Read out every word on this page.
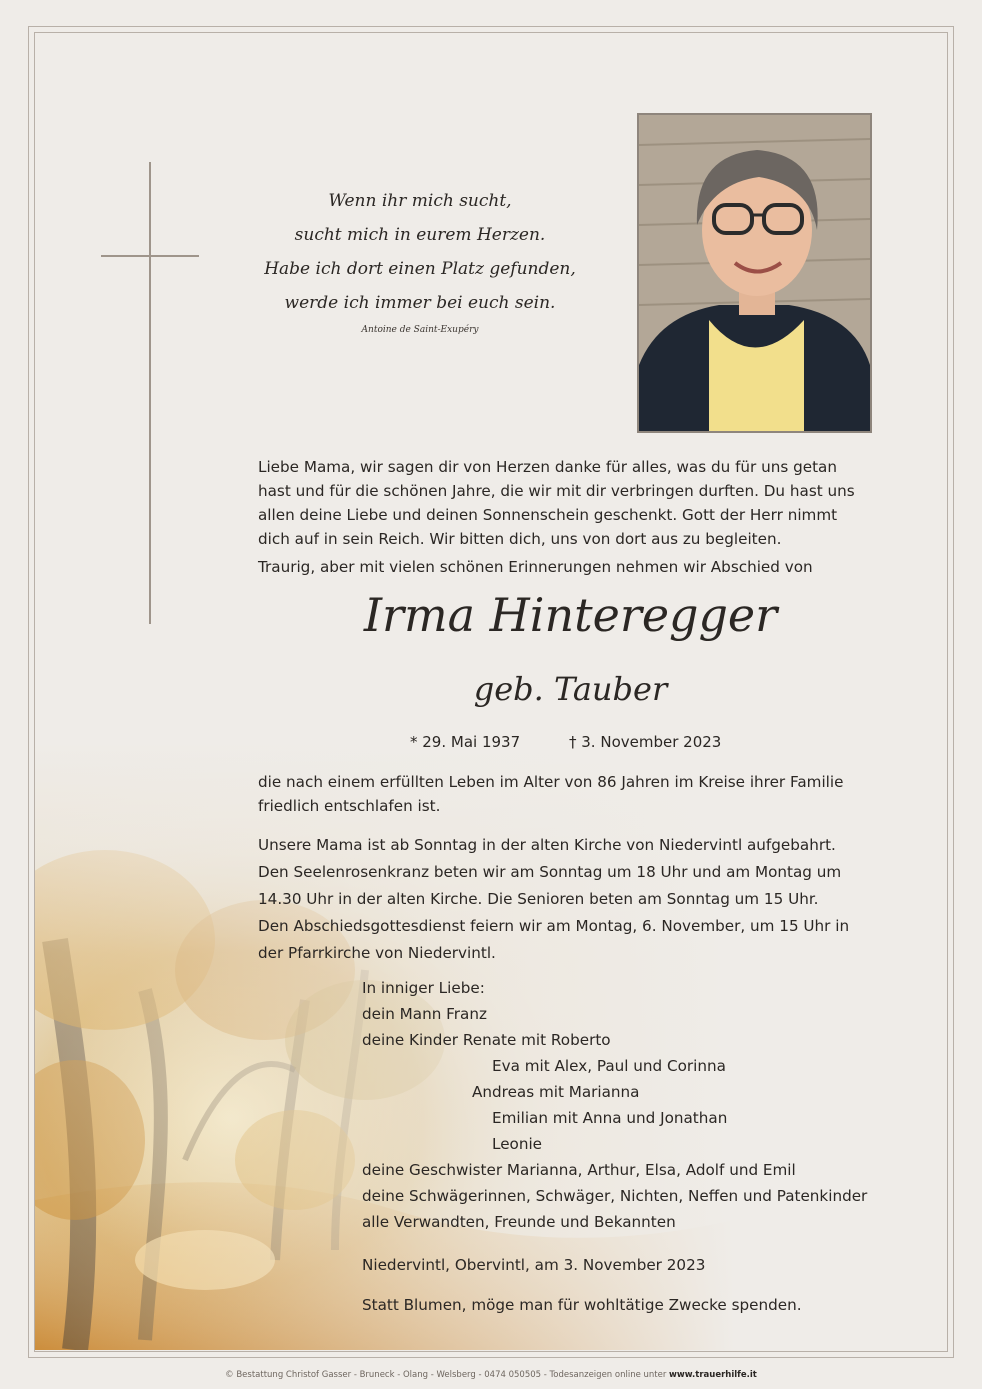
Wenn ihr mich sucht,
sucht mich in eurem Herzen.
Habe ich dort einen Platz gefunden,
werde ich immer bei euch sein.
Antoine de Saint-Exupéry

Liebe Mama, wir sagen dir von Herzen danke für alles, was du für uns getan

hast und für die schönen Jahre, die wir mit dir verbringen durften. Du hast uns

allen deine Liebe und deinen Sonnenschein geschenkt. Gott der Herr nimmt

dich auf in sein Reich. Wir bitten dich, uns von dort aus zu begleiten.

Traurig, aber mit vielen schönen Erinnerungen nehmen wir Abschied von
Irma Hinteregger
geb. Tauber
* 29. Mai 1937	† 3. November 2023

die nach einem erfüllten Leben im Alter von 86 Jahren im Kreise ihrer Familie

friedlich entschlafen ist.

Unsere Mama ist ab Sonntag in der alten Kirche von Niedervintl aufgebahrt.

Den Seelenrosenkranz beten wir am Sonntag um 18 Uhr und am Montag um

14.30 Uhr in der alten Kirche. Die Senioren beten am Sonntag um 15 Uhr.

Den Abschiedsgottesdienst feiern wir am Montag, 6. November, um 15 Uhr in

der Pfarrkirche von Niedervintl.

In inniger Liebe:
dein Mann Franz
deine Kinder Renate mit Roberto
Eva mit Alex, Paul und Corinna
Andreas mit Marianna
Emilian mit Anna und Jonathan
Leonie
deine Geschwister Marianna, Arthur, Elsa, Adolf und Emil
deine Schwägerinnen, Schwäger, Nichten, Neffen und Patenkinder
alle Verwandten, Freunde und Bekannten
Niedervintl, Obervintl, am 3. November 2023
Statt Blumen, möge man für wohltätige Zwecke spenden.
© Bestattung Christof Gasser - Bruneck - Olang - Welsberg - 0474 050505 - Todesanzeigen online unter www.trauerhilfe.it
